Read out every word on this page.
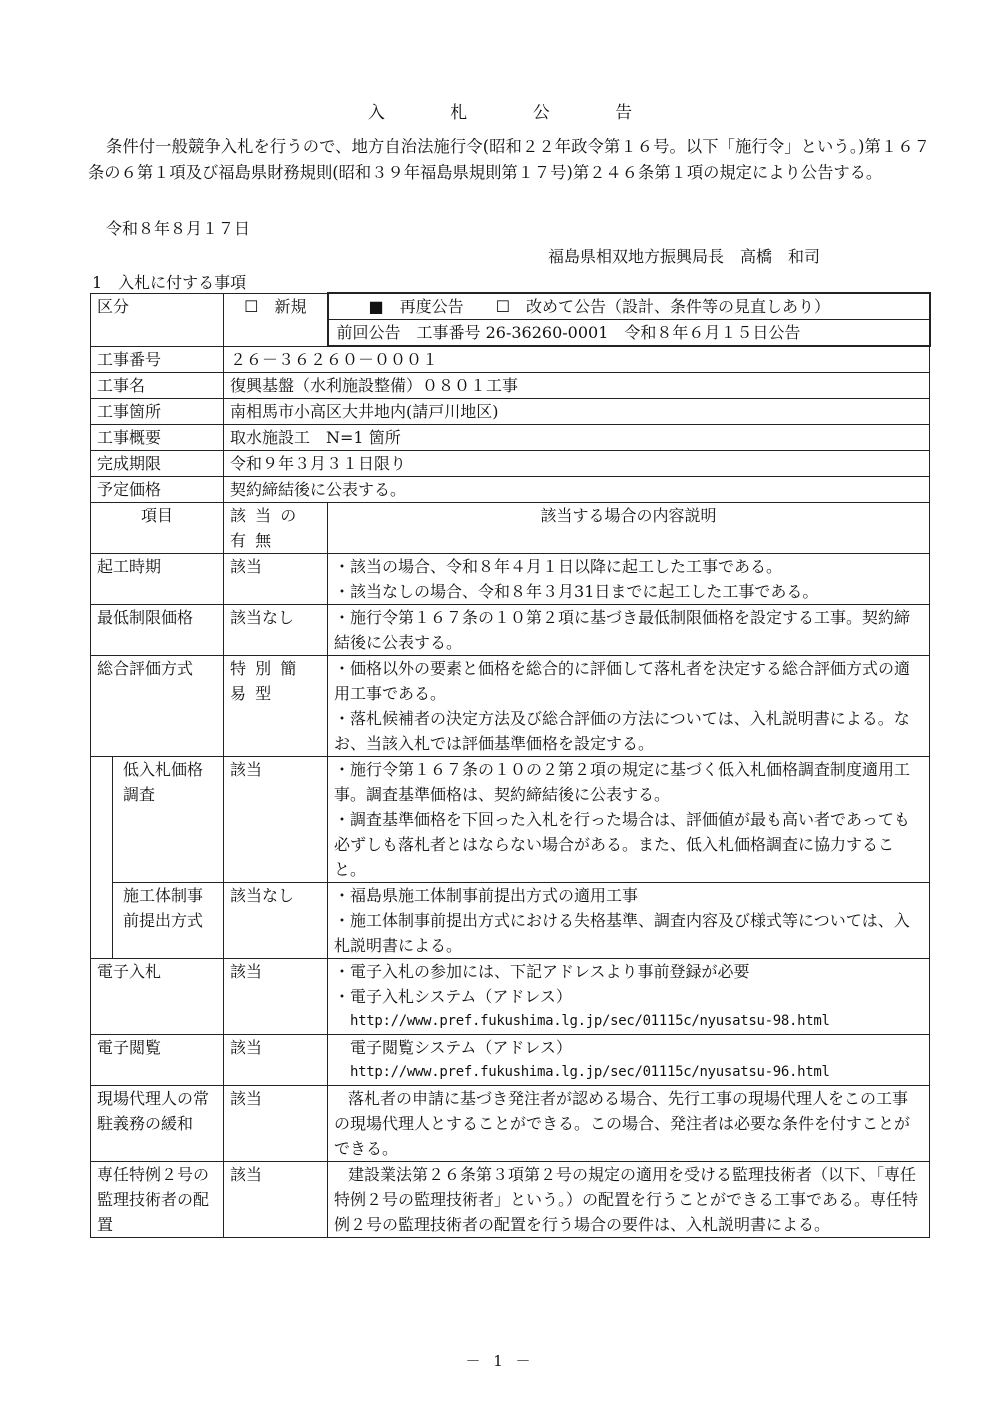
入 札 公 告
条件付一般競争入札を行うので、地方自治法施行令(昭和２２年政令第１６号。以下「施行令」という。)第１６７条の６第１項及び福島県財務規則(昭和３９年福島県規則第１７号)第２４６条第１項の規定により公告する。
令和８年８月１７日
福島県相双地方振興局長　高橋　和司
1　入札に付する事項
区分		☐　 新規	■　 再度公告　　 ☐　 改めて公告（設計、条件等の見直しあり）
			前回公告　工事番号 26-36260-0001　令和８年６月１５日公告
工事番号		２６－３６２６０－０００１	
工事名		復興基盤（水利施設整備）０８０１工事	
工事箇所		南相馬市小高区大井地内(請戸川地区)	
工事概要		取水施設工　N=1 箇所	
完成期限		令和９年３月３１日限り	
予定価格		契約締結後に公表する。	
項目		該 当 の 有 無	該当する場合の内容説明
起工時期		該当	・該当の場合、令和８年４月１日以降に起工した工事である。
・該当なしの場合、令和８年３月31日までに起工した工事である。

最低制限価格		該当なし	・施行令第１６７条の１０第２項に基づき最低制限価格を設定する工事。契約締結後に公表する。
総合評価方式		特 別 簡 易 型	・価格以外の要素と価格を総合的に評価して落札者を決定する総合評価方式の適用工事である。
・落札候補者の決定方法及び総合評価の方法については、入札説明書による。なお、当該入札では評価基準価格を設定する。

	低入札価格調査	該当	・施行令第１６７条の１０の２第２項の規定に基づく低入札価格調査制度適用工事。調査基準価格は、契約締結後に公表する。
・調査基準価格を下回った入札を行った場合は、評価値が最も高い者であっても必ずしも落札者とはならない場合がある。また、低入札価格調査に協力すること。

	施工体制事前提出方式	該当なし	・福島県施工体制事前提出方式の適用工事
・施工体制事前提出方式における失格基準、調査内容及び様式等については、入札説明書による。

電子入札		該当	・電子入札の参加には、下記アドレスより事前登録が必要
・電子入札システム（アドレス）
http://www.pref.fukushima.lg.jp/sec/01115c/nyusatsu-98.html

電子閲覧		該当	電子閲覧システム（アドレス）
http://www.pref.fukushima.lg.jp/sec/01115c/nyusatsu-96.html

現場代理人の常駐義務の緩和		該当	落札者の申請に基づき発注者が認める場合、先行工事の現場代理人をこの工事の現場代理人とすることができる。この場合、発注者は必要な条件を付すことができる。

専任特例２号の監理技術者の配置		該当	建設業法第２６条第３項第２号の規定の適用を受ける監理技術者（以下、「専任特例２号の監理技術者」という。）の配置を行うことができる工事である。専任特例２号の監理技術者の配置を行う場合の要件は、入札説明書による。
－ 1 －
